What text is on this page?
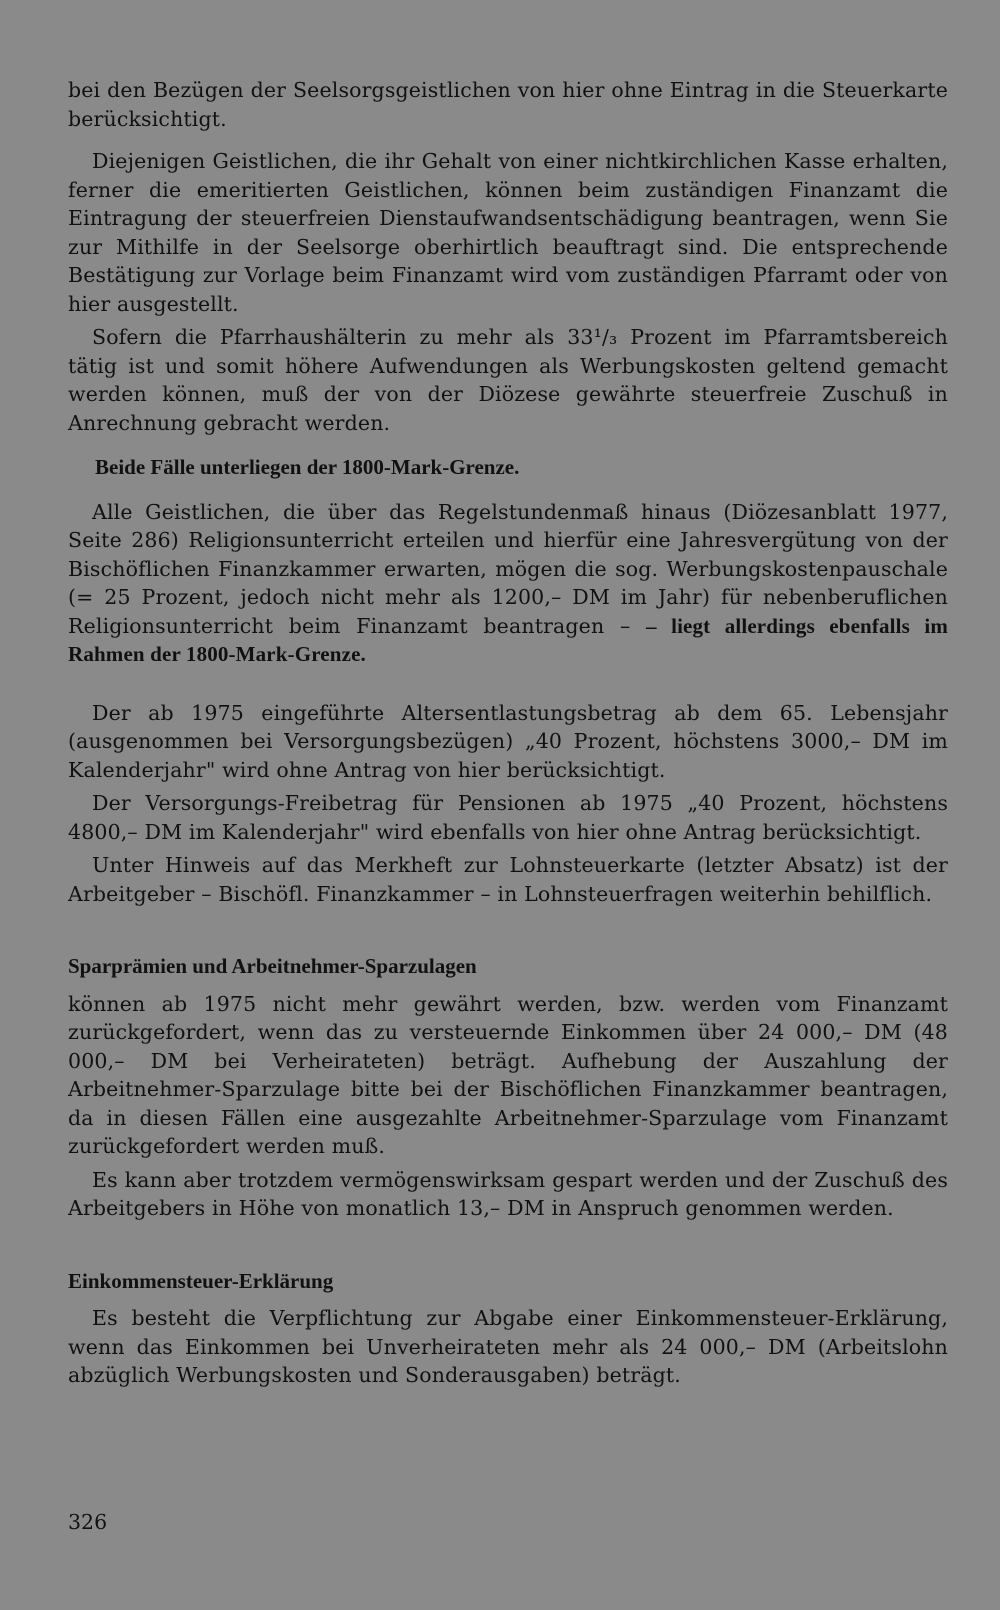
bei den Bezügen der Seelsorgsgeistlichen von hier ohne Eintrag in die Steuerkarte berücksichtigt.

Diejenigen Geistlichen, die ihr Gehalt von einer nichtkirchlichen Kasse erhalten, ferner die emeritierten Geistlichen, können beim zuständigen Finanzamt die Eintragung der steuerfreien Dienstaufwandsentschädigung beantragen, wenn Sie zur Mithilfe in der Seelsorge oberhirtlich beauftragt sind. Die entsprechende Bestätigung zur Vorlage beim Finanzamt wird vom zuständigen Pfarramt oder von hier ausgestellt.

Sofern die Pfarrhaushälterin zu mehr als 33¹/₃ Prozent im Pfarramtsbereich tätig ist und somit höhere Aufwendungen als Werbungskosten geltend gemacht werden können, muß der von der Diözese gewährte steuerfreie Zuschuß in Anrechnung gebracht werden.

Beide Fälle unterliegen der 1800-Mark-Grenze.

Alle Geistlichen, die über das Regelstundenmaß hinaus (Diözesanblatt 1977, Seite 286) Religionsunterricht erteilen und hierfür eine Jahresvergütung von der Bischöflichen Finanzkammer erwarten, mögen die sog. Werbungskostenpauschale (= 25 Prozent, jedoch nicht mehr als 1200,– DM im Jahr) für nebenberuflichen Religionsunterricht beim Finanzamt beantragen – – liegt allerdings ebenfalls im Rahmen der 1800-Mark-Grenze.

Der ab 1975 eingeführte Altersentlastungsbetrag ab dem 65. Lebensjahr (ausgenommen bei Versorgungsbezügen) „40 Prozent, höchstens 3000,– DM im Kalenderjahr" wird ohne Antrag von hier berücksichtigt.

Der Versorgungs-Freibetrag für Pensionen ab 1975 „40 Prozent, höchstens 4800,– DM im Kalenderjahr" wird ebenfalls von hier ohne Antrag berücksichtigt.

Unter Hinweis auf das Merkheft zur Lohnsteuerkarte (letzter Absatz) ist der Arbeitgeber – Bischöfl. Finanzkammer – in Lohnsteuerfragen weiterhin behilflich.

Sparprämien und Arbeitnehmer-Sparzulagen

können ab 1975 nicht mehr gewährt werden, bzw. werden vom Finanzamt zurückgefordert, wenn das zu versteuernde Einkommen über 24 000,– DM (48 000,– DM bei Verheirateten) beträgt. Aufhebung der Auszahlung der Arbeitnehmer-Sparzulage bitte bei der Bischöflichen Finanzkammer beantragen, da in diesen Fällen eine ausgezahlte Arbeitnehmer-Sparzulage vom Finanzamt zurückgefordert werden muß.

Es kann aber trotzdem vermögenswirksam gespart werden und der Zuschuß des Arbeitgebers in Höhe von monatlich 13,– DM in Anspruch genommen werden.

Einkommensteuer-Erklärung

Es besteht die Verpflichtung zur Abgabe einer Einkommensteuer-Erklärung, wenn das Einkommen bei Unverheirateten mehr als 24 000,– DM (Arbeitslohn abzüglich Werbungskosten und Sonderausgaben) beträgt.

326
